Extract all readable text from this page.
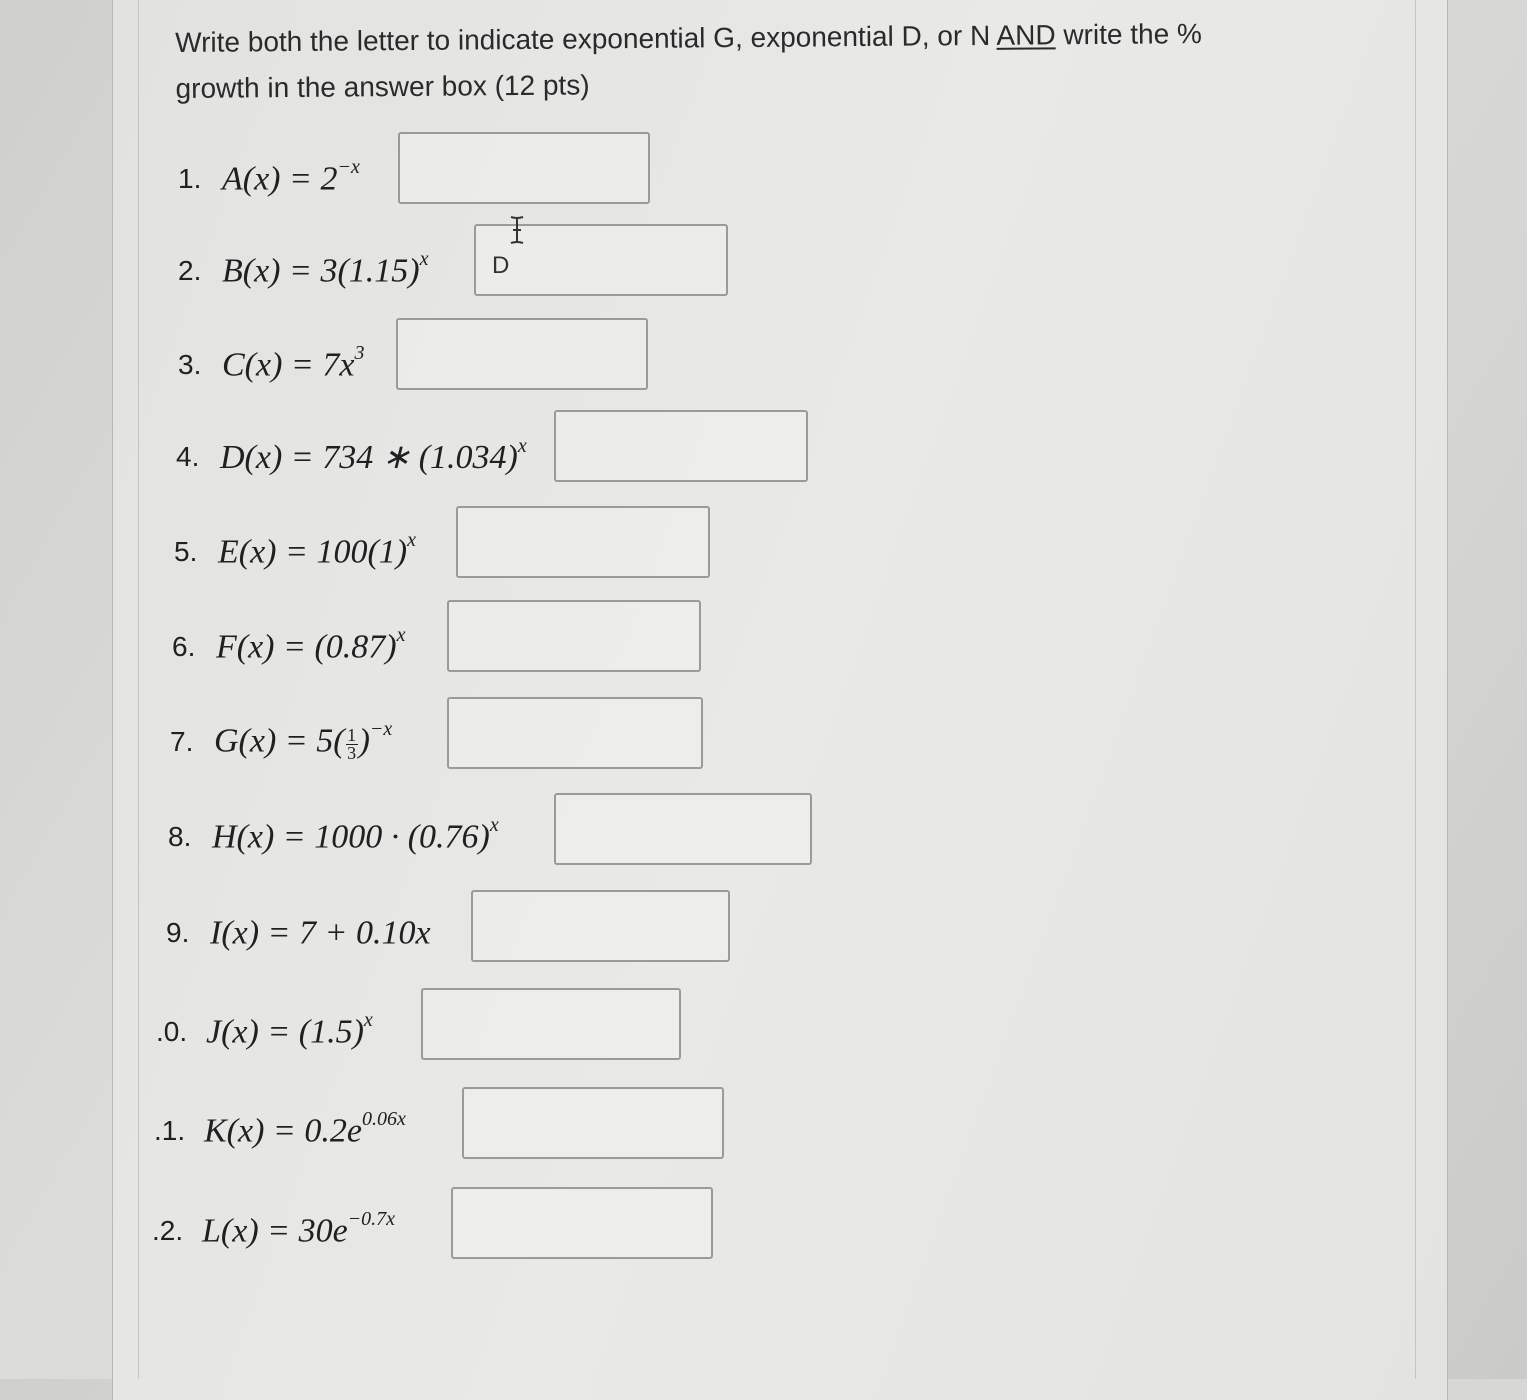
Write both the letter to indicate exponential G, exponential D, or N AND write the %
growth in the answer box (12 pts)

1. $A(x) = 2^{-x}$
2. $B(x) = 3(1.15)^x$	D
3. $C(x) = 7x^3$
4. D(x) = 734 ∗ $(1.034)^x$
5. $E(x) = 100(1)^x$
6. $F(x) = (0.87)^x$
7. $G(x) = 5( \frac{1}{3} )^{-x}$
8. $H(x) = 1000 \cdot (0.76)^x$
9. I(x) = 7 + 0.10x
.0. $J(x) = (1.5)^x$
.1. $K(x) = 0.2e^{0.06x}$
.2. $L(x) = 30e^{-0.7x}$
